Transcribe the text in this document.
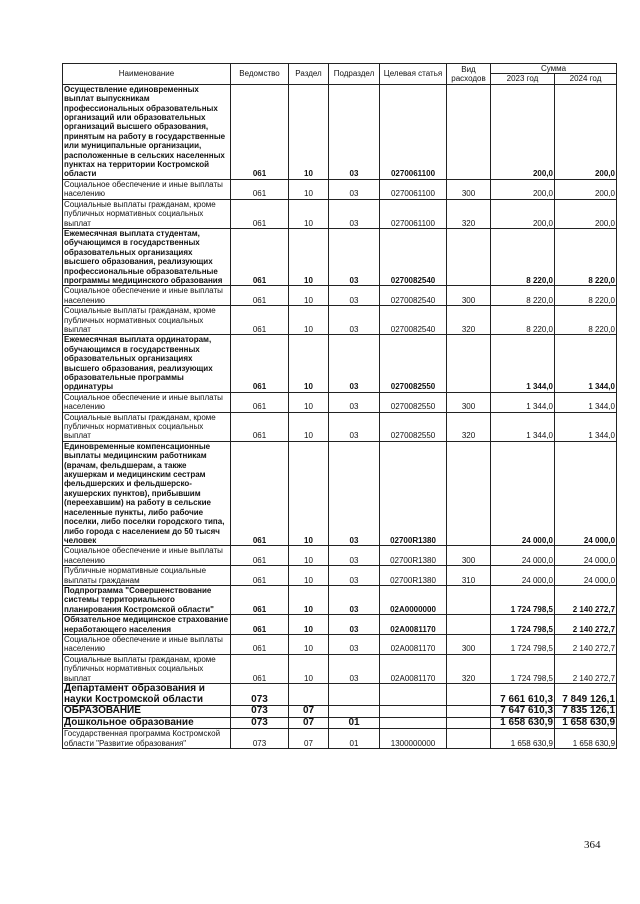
Наименование	Ведомство	Раздел	Подраздел	Целевая статья	Вид расходов	Сумма	
						2023 год	2024 год
Осуществление единовременных выплат выпускникам профессиональных образовательных организаций или образовательных организаций высшего образования, принятым на работу в государственные или муниципальные организации, расположенные в сельских населенных пунктах на территории Костромской области	061	10	03	0270061100		200,0	200,0
Социальное обеспечение и иные выплаты населению	061	10	03	0270061100	300	200,0	200,0
Социальные выплаты гражданам, кроме публичных нормативных социальных выплат	061	10	03	0270061100	320	200,0	200,0
Ежемесячная выплата студентам, обучающимся в государственных образовательных организациях высшего образования, реализующих профессиональные образовательные программы медицинского образования	061	10	03	0270082540		8 220,0	8 220,0
Социальное обеспечение и иные выплаты населению	061	10	03	0270082540	300	8 220,0	8 220,0
Социальные выплаты гражданам, кроме публичных нормативных социальных выплат	061	10	03	0270082540	320	8 220,0	8 220,0
Ежемесячная выплата ординаторам, обучающимся в государственных образовательных организациях высшего образования, реализующих образовательные программы ординатуры	061	10	03	0270082550		1 344,0	1 344,0
Социальное обеспечение и иные выплаты населению	061	10	03	0270082550	300	1 344,0	1 344,0
Социальные выплаты гражданам, кроме публичных нормативных социальных выплат	061	10	03	0270082550	320	1 344,0	1 344,0
Единовременные компенсационные выплаты медицинским работникам (врачам, фельдшерам, а также акушеркам и медицинским сестрам фельдшерских и фельдшерско-акушерских пунктов), прибывшим (переехавшим) на работу в сельские населенные пункты, либо рабочие поселки, либо поселки городского типа, либо города с населением до 50 тысяч человек	061	10	03	02700R1380		24 000,0	24 000,0
Социальное обеспечение и иные выплаты населению	061	10	03	02700R1380	300	24 000,0	24 000,0
Публичные нормативные социальные выплаты гражданам	061	10	03	02700R1380	310	24 000,0	24 000,0
Подпрограмма "Совершенствование системы территориального планирования Костромской области"	061	10	03	02А0000000		1 724 798,5	2 140 272,7
Обязательное медицинское страхование неработающего населения	061	10	03	02А0081170		1 724 798,5	2 140 272,7
Социальное обеспечение и иные выплаты населению	061	10	03	02А0081170	300	1 724 798,5	2 140 272,7
Социальные выплаты гражданам, кроме публичных нормативных социальных выплат	061	10	03	02А0081170	320	1 724 798,5	2 140 272,7
Департамент образования и науки Костромской области	073					7 661 610,3	7 849 126,1
ОБРАЗОВАНИЕ	073	07				7 647 610,3	7 835 126,1
Дошкольное образование	073	07	01			1 658 630,9	1 658 630,9
Государственная программа Костромской области "Развитие образования"	073	07	01	1300000000		1 658 630,9	1 658 630,9
364
